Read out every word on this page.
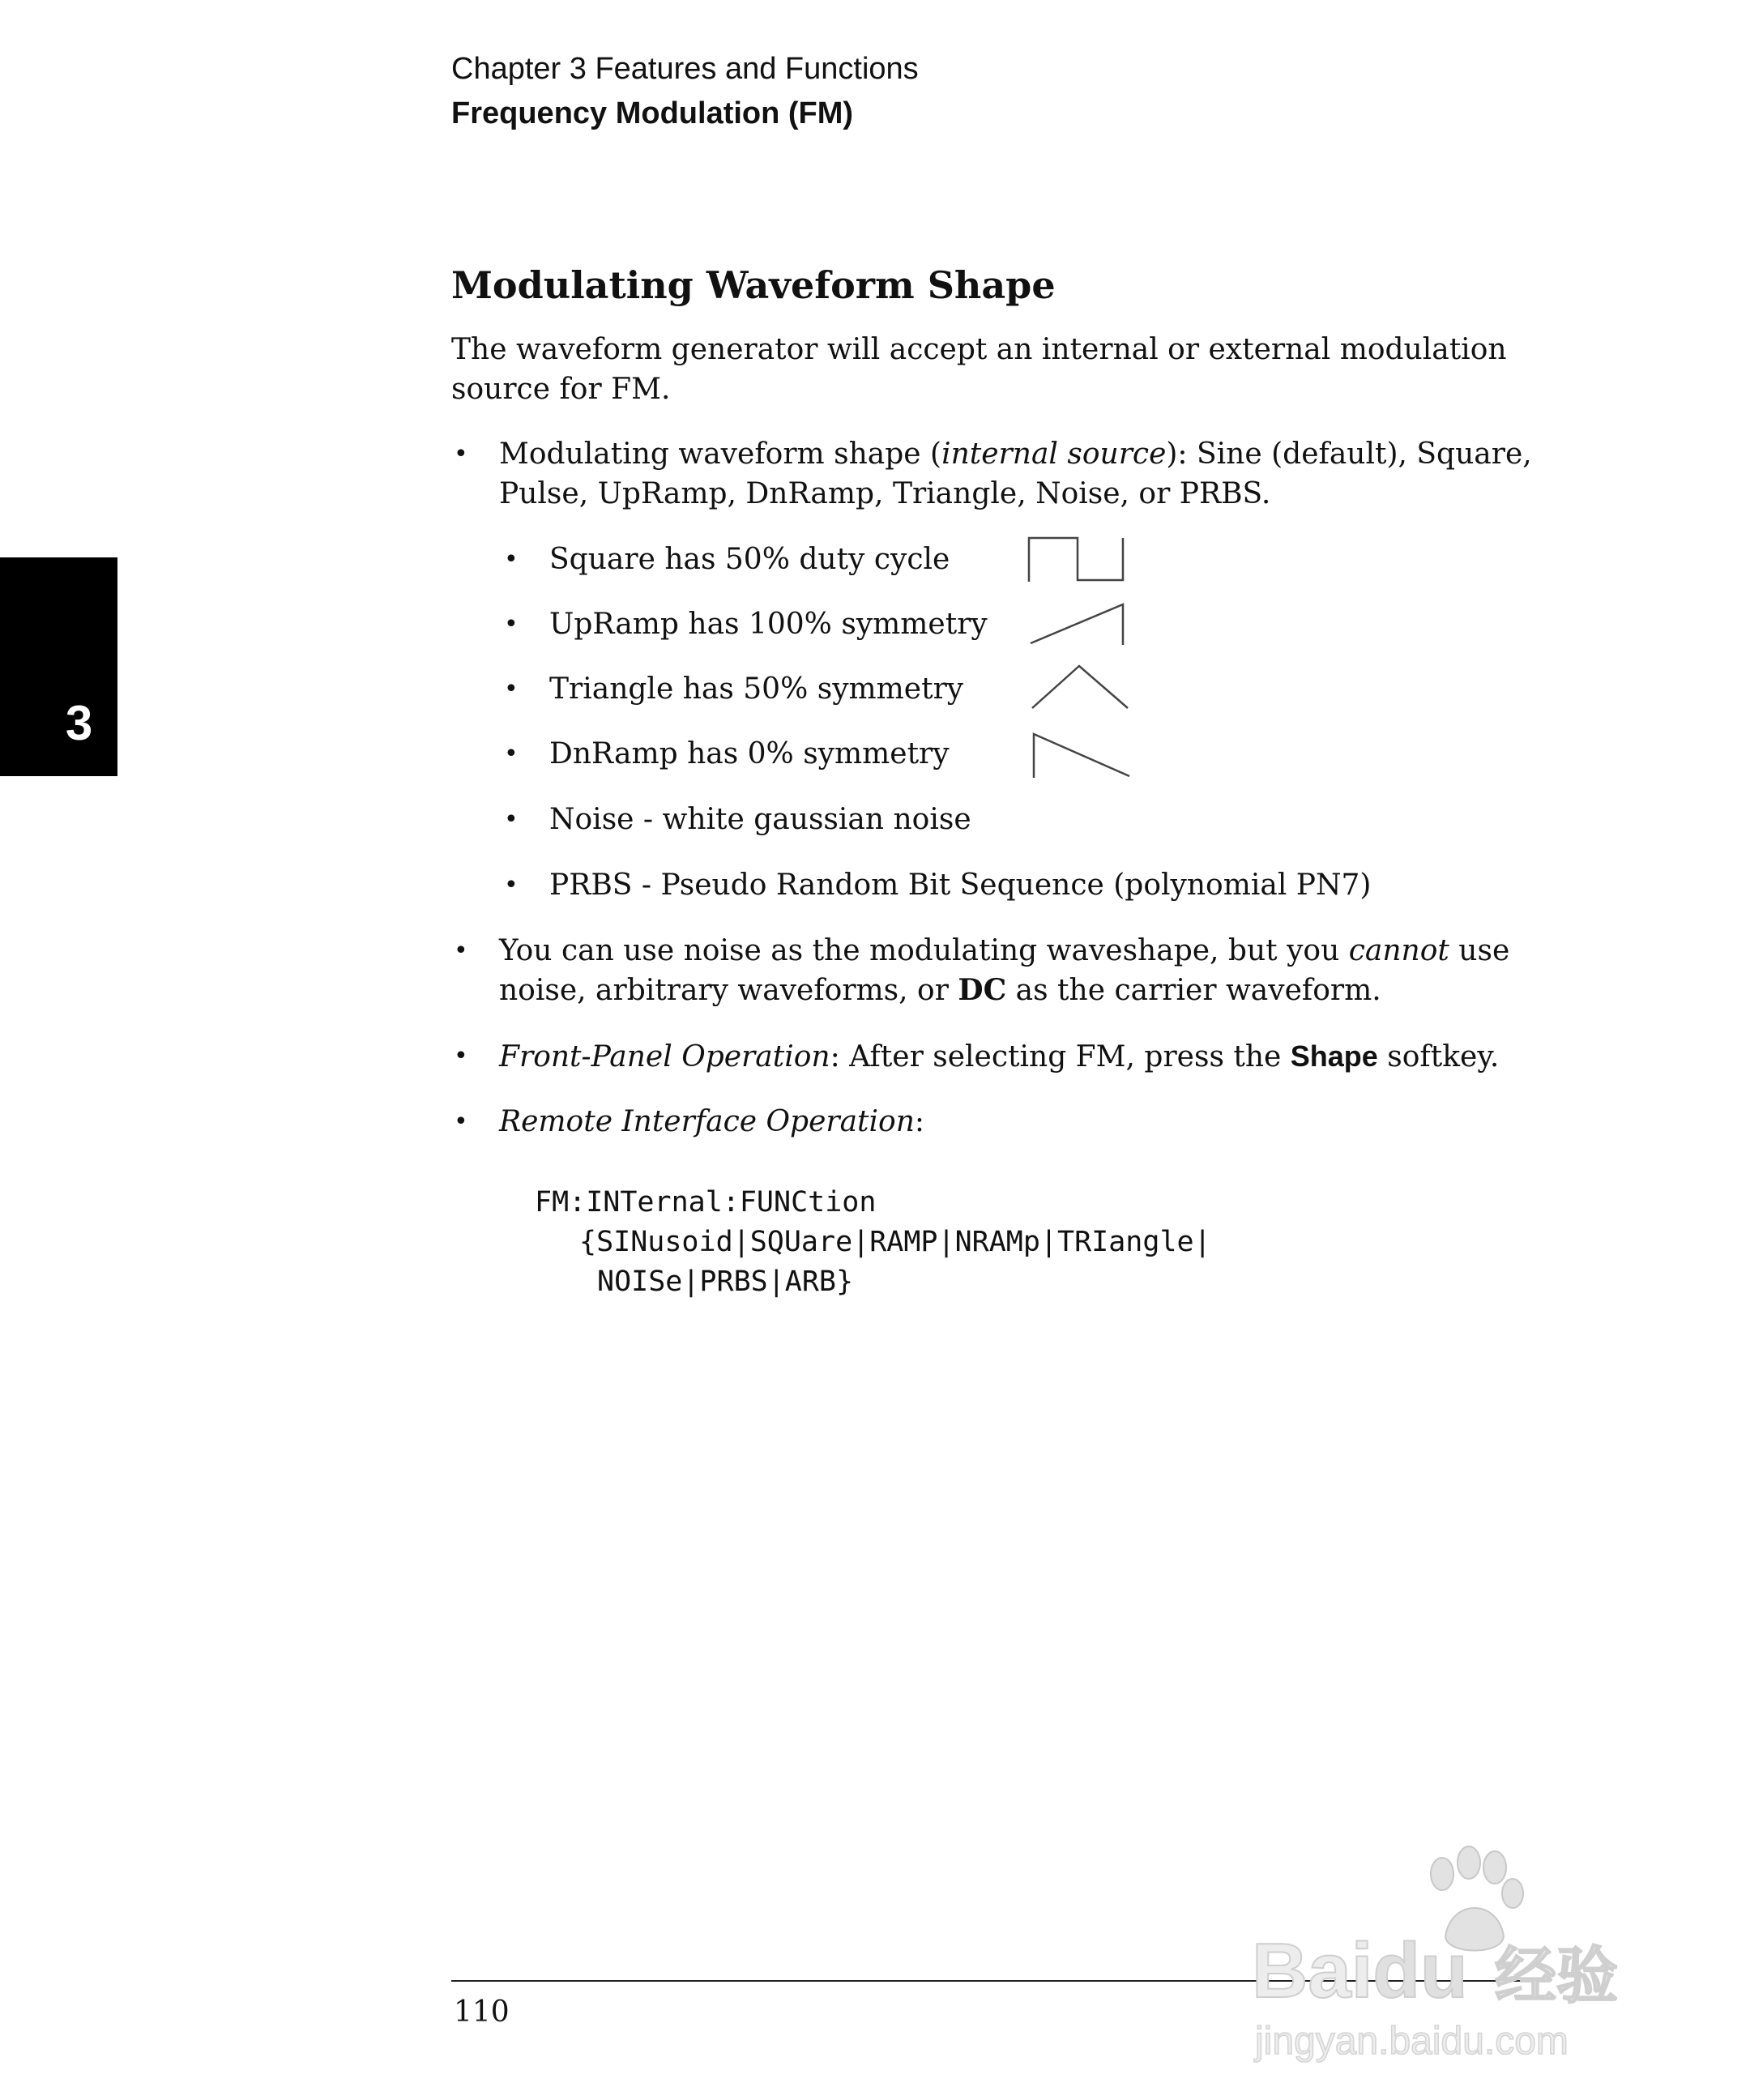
Chapter 3 Features and Functions
Frequency Modulation (FM)
3
Modulating Waveform Shape
The waveform generator will accept an internal or external modulation
source for FM.
• Modulating waveform shape (internal source): Sine (default), Square,
Pulse, UpRamp, DnRamp, Triangle, Noise, or PRBS.
• Square has 50% duty cycle
• UpRamp has 100% symmetry
• Triangle has 50% symmetry
• DnRamp has 0% symmetry
• Noise - white gaussian noise
• PRBS - Pseudo Random Bit Sequence (polynomial PN7)
• You can use noise as the modulating waveshape, but you cannot use
noise, arbitrary waveforms, or DC as the carrier waveform.
• Front-Panel Operation: After selecting FM, press the Shape softkey.
• Remote Interface Operation:
FM:INTernal:FUNCtion
{SINusoid|SQUare|RAMP|NRAMp|TRIangle|
NOISe|PRBS|ARB}
110	Baidu 经验
jingyan.baidu.com
